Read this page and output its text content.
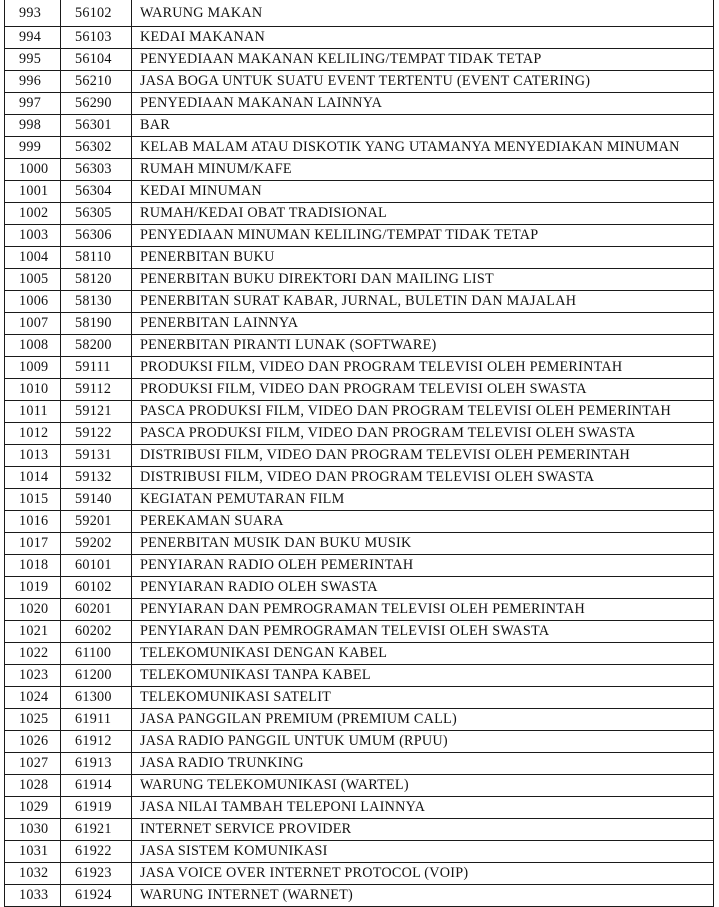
993	56102	WARUNG MAKAN
994	56103	KEDAI MAKANAN
995	56104	PENYEDIAAN MAKANAN KELILING/TEMPAT TIDAK TETAP
996	56210	JASA BOGA UNTUK SUATU EVENT TERTENTU (EVENT CATERING)
997	56290	PENYEDIAAN MAKANAN LAINNYA
998	56301	BAR
999	56302	KELAB MALAM ATAU DISKOTIK YANG UTAMANYA MENYEDIAKAN MINUMAN
1000	56303	RUMAH MINUM/KAFE
1001	56304	KEDAI MINUMAN
1002	56305	RUMAH/KEDAI OBAT TRADISIONAL
1003	56306	PENYEDIAAN MINUMAN KELILING/TEMPAT TIDAK TETAP
1004	58110	PENERBITAN BUKU
1005	58120	PENERBITAN BUKU DIREKTORI DAN MAILING LIST
1006	58130	PENERBITAN SURAT KABAR, JURNAL, BULETIN DAN MAJALAH
1007	58190	PENERBITAN LAINNYA
1008	58200	PENERBITAN PIRANTI LUNAK (SOFTWARE)
1009	59111	PRODUKSI FILM, VIDEO DAN PROGRAM TELEVISI OLEH PEMERINTAH
1010	59112	PRODUKSI FILM, VIDEO DAN PROGRAM TELEVISI OLEH SWASTA
1011	59121	PASCA PRODUKSI FILM, VIDEO DAN PROGRAM TELEVISI OLEH PEMERINTAH
1012	59122	PASCA PRODUKSI FILM, VIDEO DAN PROGRAM TELEVISI OLEH SWASTA
1013	59131	DISTRIBUSI FILM, VIDEO DAN PROGRAM TELEVISI OLEH PEMERINTAH
1014	59132	DISTRIBUSI FILM, VIDEO DAN PROGRAM TELEVISI OLEH SWASTA
1015	59140	KEGIATAN PEMUTARAN FILM
1016	59201	PEREKAMAN SUARA
1017	59202	PENERBITAN MUSIK DAN BUKU MUSIK
1018	60101	PENYIARAN RADIO OLEH PEMERINTAH
1019	60102	PENYIARAN RADIO OLEH SWASTA
1020	60201	PENYIARAN DAN PEMROGRAMAN TELEVISI OLEH PEMERINTAH
1021	60202	PENYIARAN DAN PEMROGRAMAN TELEVISI OLEH SWASTA
1022	61100	TELEKOMUNIKASI DENGAN KABEL
1023	61200	TELEKOMUNIKASI TANPA KABEL
1024	61300	TELEKOMUNIKASI SATELIT
1025	61911	JASA PANGGILAN PREMIUM (PREMIUM CALL)
1026	61912	JASA RADIO PANGGIL UNTUK UMUM (RPUU)
1027	61913	JASA RADIO TRUNKING
1028	61914	WARUNG TELEKOMUNIKASI (WARTEL)
1029	61919	JASA NILAI TAMBAH TELEPONI LAINNYA
1030	61921	INTERNET SERVICE PROVIDER
1031	61922	JASA SISTEM KOMUNIKASI
1032	61923	JASA VOICE OVER INTERNET PROTOCOL (VOIP)
1033	61924	WARUNG INTERNET (WARNET)
